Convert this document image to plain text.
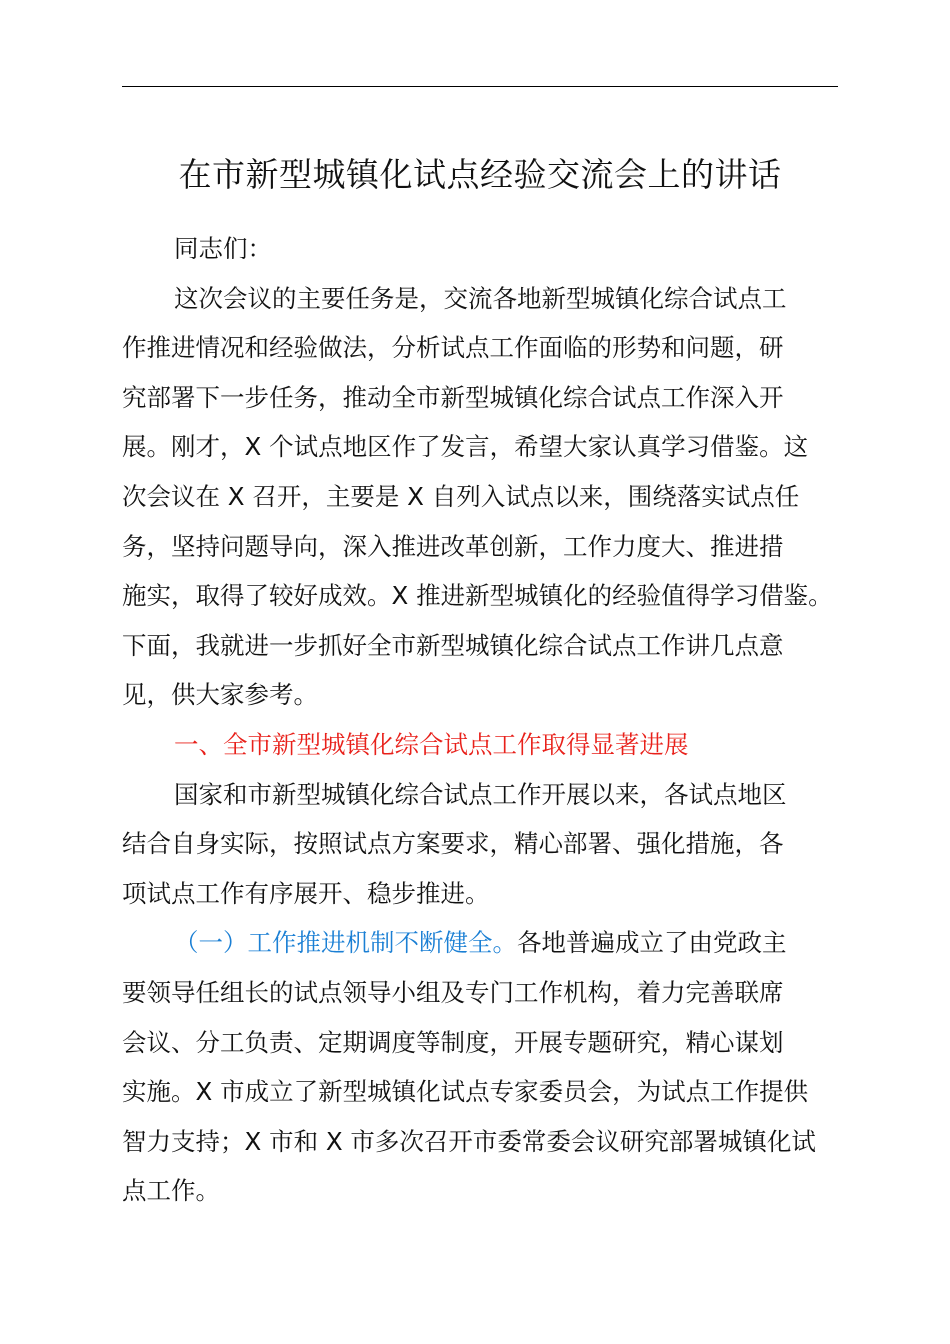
在市新型城镇化试点经验交流会上的讲话
同志们：
这次会议的主要任务是，交流各地新型城镇化综合试点工
作推进情况和经验做法，分析试点工作面临的形势和问题，研
究部署下一步任务，推动全市新型城镇化综合试点工作深入开
展。刚才，X 个试点地区作了发言，希望大家认真学习借鉴。这
次会议在 X 召开，主要是 X 自列入试点以来，围绕落实试点任
务，坚持问题导向，深入推进改革创新，工作力度大、推进措
施实，取得了较好成效。X 推进新型城镇化的经验值得学习借鉴。
下面，我就进一步抓好全市新型城镇化综合试点工作讲几点意
见，供大家参考。
一、全市新型城镇化综合试点工作取得显著进展
国家和市新型城镇化综合试点工作开展以来，各试点地区
结合自身实际，按照试点方案要求，精心部署、强化措施，各
项试点工作有序展开、稳步推进。
（一）工作推进机制不断健全。各地普遍成立了由党政主
要领导任组长的试点领导小组及专门工作机构，着力完善联席
会议、分工负责、定期调度等制度，开展专题研究，精心谋划
实施。X 市成立了新型城镇化试点专家委员会，为试点工作提供
智力支持；X 市和 X 市多次召开市委常委会议研究部署城镇化试
点工作。
